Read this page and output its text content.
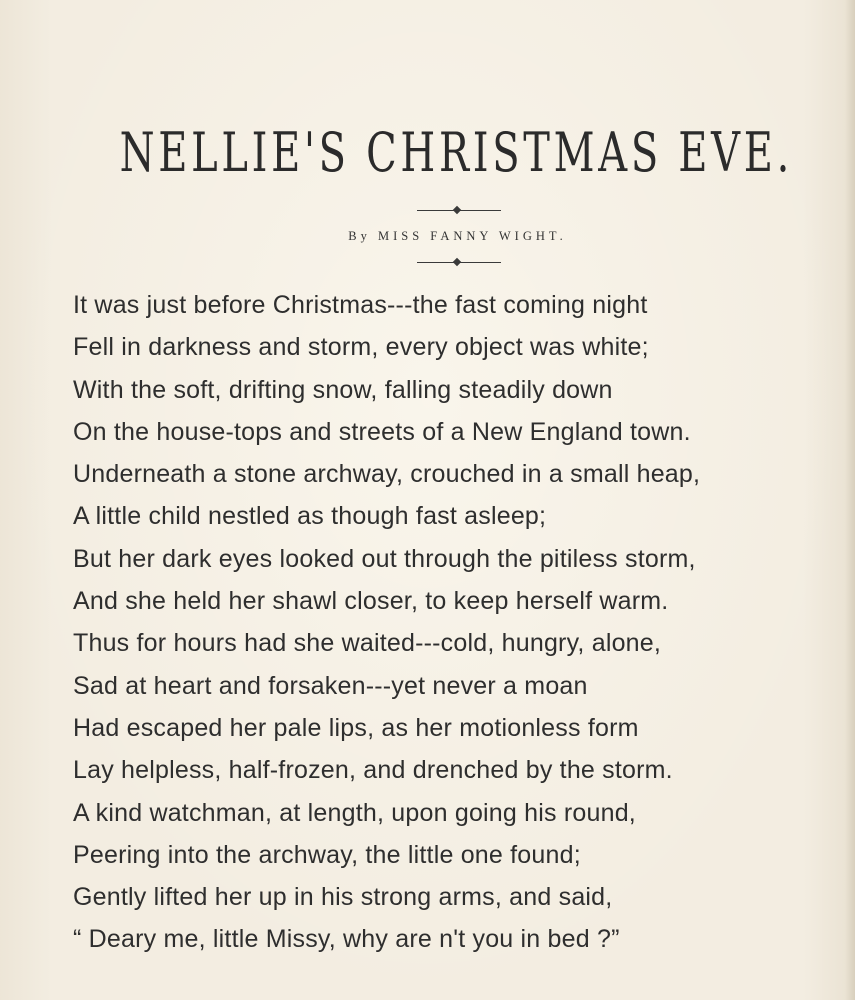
NELLIE'S CHRISTMAS EVE.
By MISS FANNY WIGHT.
It was just before Christmas---the fast coming night
Fell in darkness and storm, every object was white;
With the soft, drifting snow, falling steadily down
On the house-tops and streets of a New England town.
Underneath a stone archway, crouched in a small heap,
A little child nestled as though fast asleep;
But her dark eyes looked out through the pitiless storm,
And she held her shawl closer, to keep herself warm.
Thus for hours had she waited---cold, hungry, alone,
Sad at heart and forsaken---yet never a moan
Had escaped her pale lips, as her motionless form
Lay helpless, half-frozen, and drenched by the storm.
A kind watchman, at length, upon going his round,
Peering into the archway, the little one found;
Gently lifted her up in his strong arms, and said,
“ Deary me, little Missy, why are n't you in bed ?”
